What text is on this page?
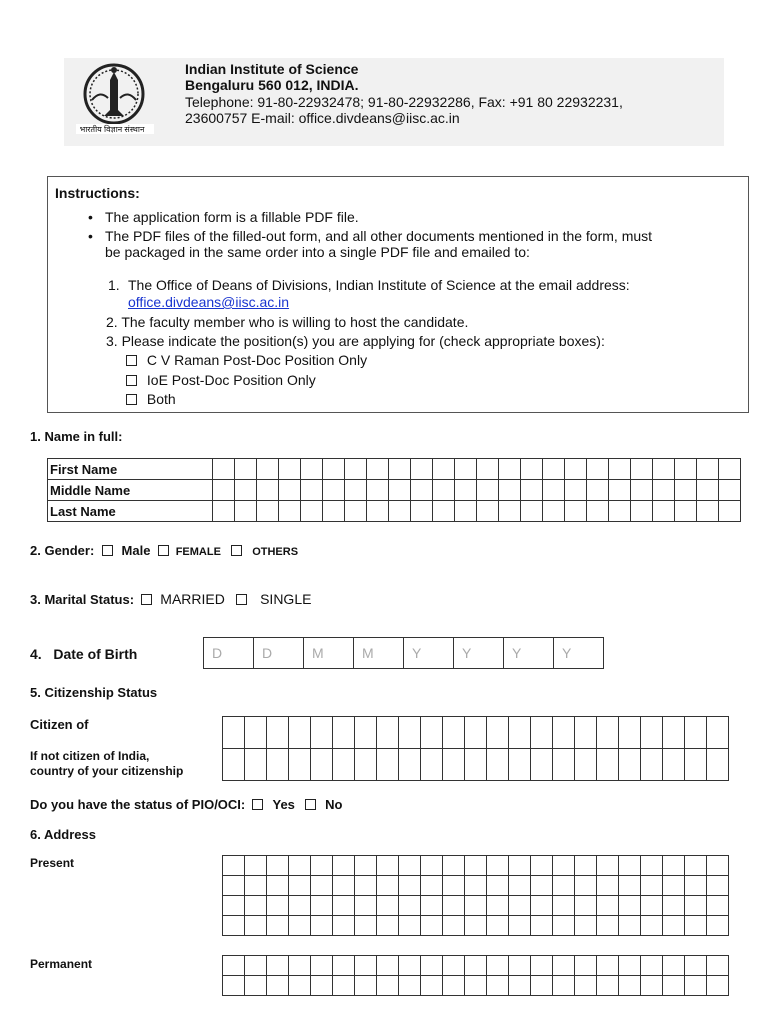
भारतीय विज्ञान संस्थान
Indian Institute of Science
Bengaluru 560 012, INDIA.
Telephone: 91-80-22932478; 91-80-22932286, Fax: +91 80 22932231,
23600757 E-mail: office.divdeans@iisc.ac.in
Instructions:
• The application form is a fillable PDF file.
• The PDF files of the filled-out form, and all other documents mentioned in the form, must
be packaged in the same order into a single PDF file and emailed to:
1. The Office of Deans of Divisions, Indian Institute of Science at the email address:
office.divdeans@iisc.ac.in
2. The faculty member who is willing to host the candidate.
3. Please indicate the position(s) you are applying for (check appropriate boxes):
C V Raman Post-Doc Position Only
IoE Post-Doc Position Only
Both
1. Name in full:
First Name																								
Middle Name																								
Last Name																								
2. Gender: Male FEMALE	OTHERS
3. Marital Status: MARRIED	SINGLE
4.   Date of Birth	D	D	M	M	Y	Y	Y	Y
5. Citizenship Status
Citizen of
If not citizen of India,
country of your citizenship

Do you have the status of PIO/OCI: Yes No
6. Address
Present

Permanent
